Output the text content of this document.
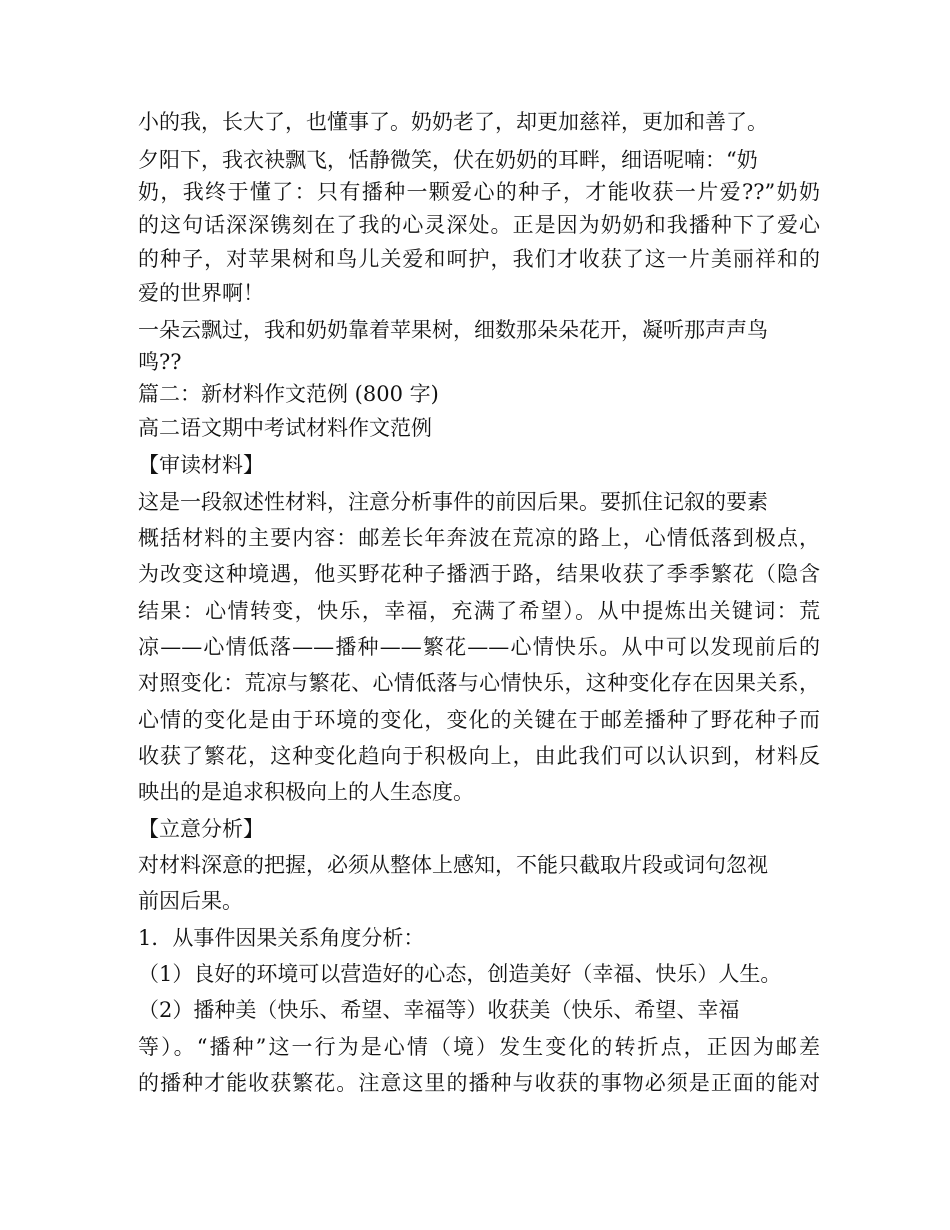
小的我，长大了，也懂事了。奶奶老了，却更加慈祥，更加和善了。
夕阳下，我衣袂飘飞，恬静微笑，伏在奶奶的耳畔，细语呢喃：“奶
奶，我终于懂了：只有播种一颗爱心的种子，才能收获一片爱??”奶奶
的这句话深深镌刻在了我的心灵深处。正是因为奶奶和我播种下了爱心
的种子，对苹果树和鸟儿关爱和呵护，我们才收获了这一片美丽祥和的
爱的世界啊！
一朵云飘过，我和奶奶靠着苹果树，细数那朵朵花开，凝听那声声鸟
鸣??
篇二：新材料作文范例 (800 字)
高二语文期中考试材料作文范例
【审读材料】
这是一段叙述性材料，注意分析事件的前因后果。要抓住记叙的要素
概括材料的主要内容：邮差长年奔波在荒凉的路上，心情低落到极点，
为改变这种境遇，他买野花种子播洒于路，结果收获了季季繁花（隐含
结果：心情转变，快乐，幸福，充满了希望）。从中提炼出关键词：荒
凉——心情低落——播种——繁花——心情快乐。从中可以发现前后的
对照变化：荒凉与繁花、心情低落与心情快乐，这种变化存在因果关系，
心情的变化是由于环境的变化，变化的关键在于邮差播种了野花种子而
收获了繁花，这种变化趋向于积极向上，由此我们可以认识到，材料反
映出的是追求积极向上的人生态度。
【立意分析】
对材料深意的把握，必须从整体上感知，不能只截取片段或词句忽视
前因后果。
1．从事件因果关系角度分析：
（1）良好的环境可以营造好的心态，创造美好（幸福、快乐）人生。
（2）播种美（快乐、希望、幸福等）收获美（快乐、希望、幸福
等）。“播种”这一行为是心情（境）发生变化的转折点，正因为邮差
的播种才能收获繁花。注意这里的播种与收获的事物必须是正面的能对
